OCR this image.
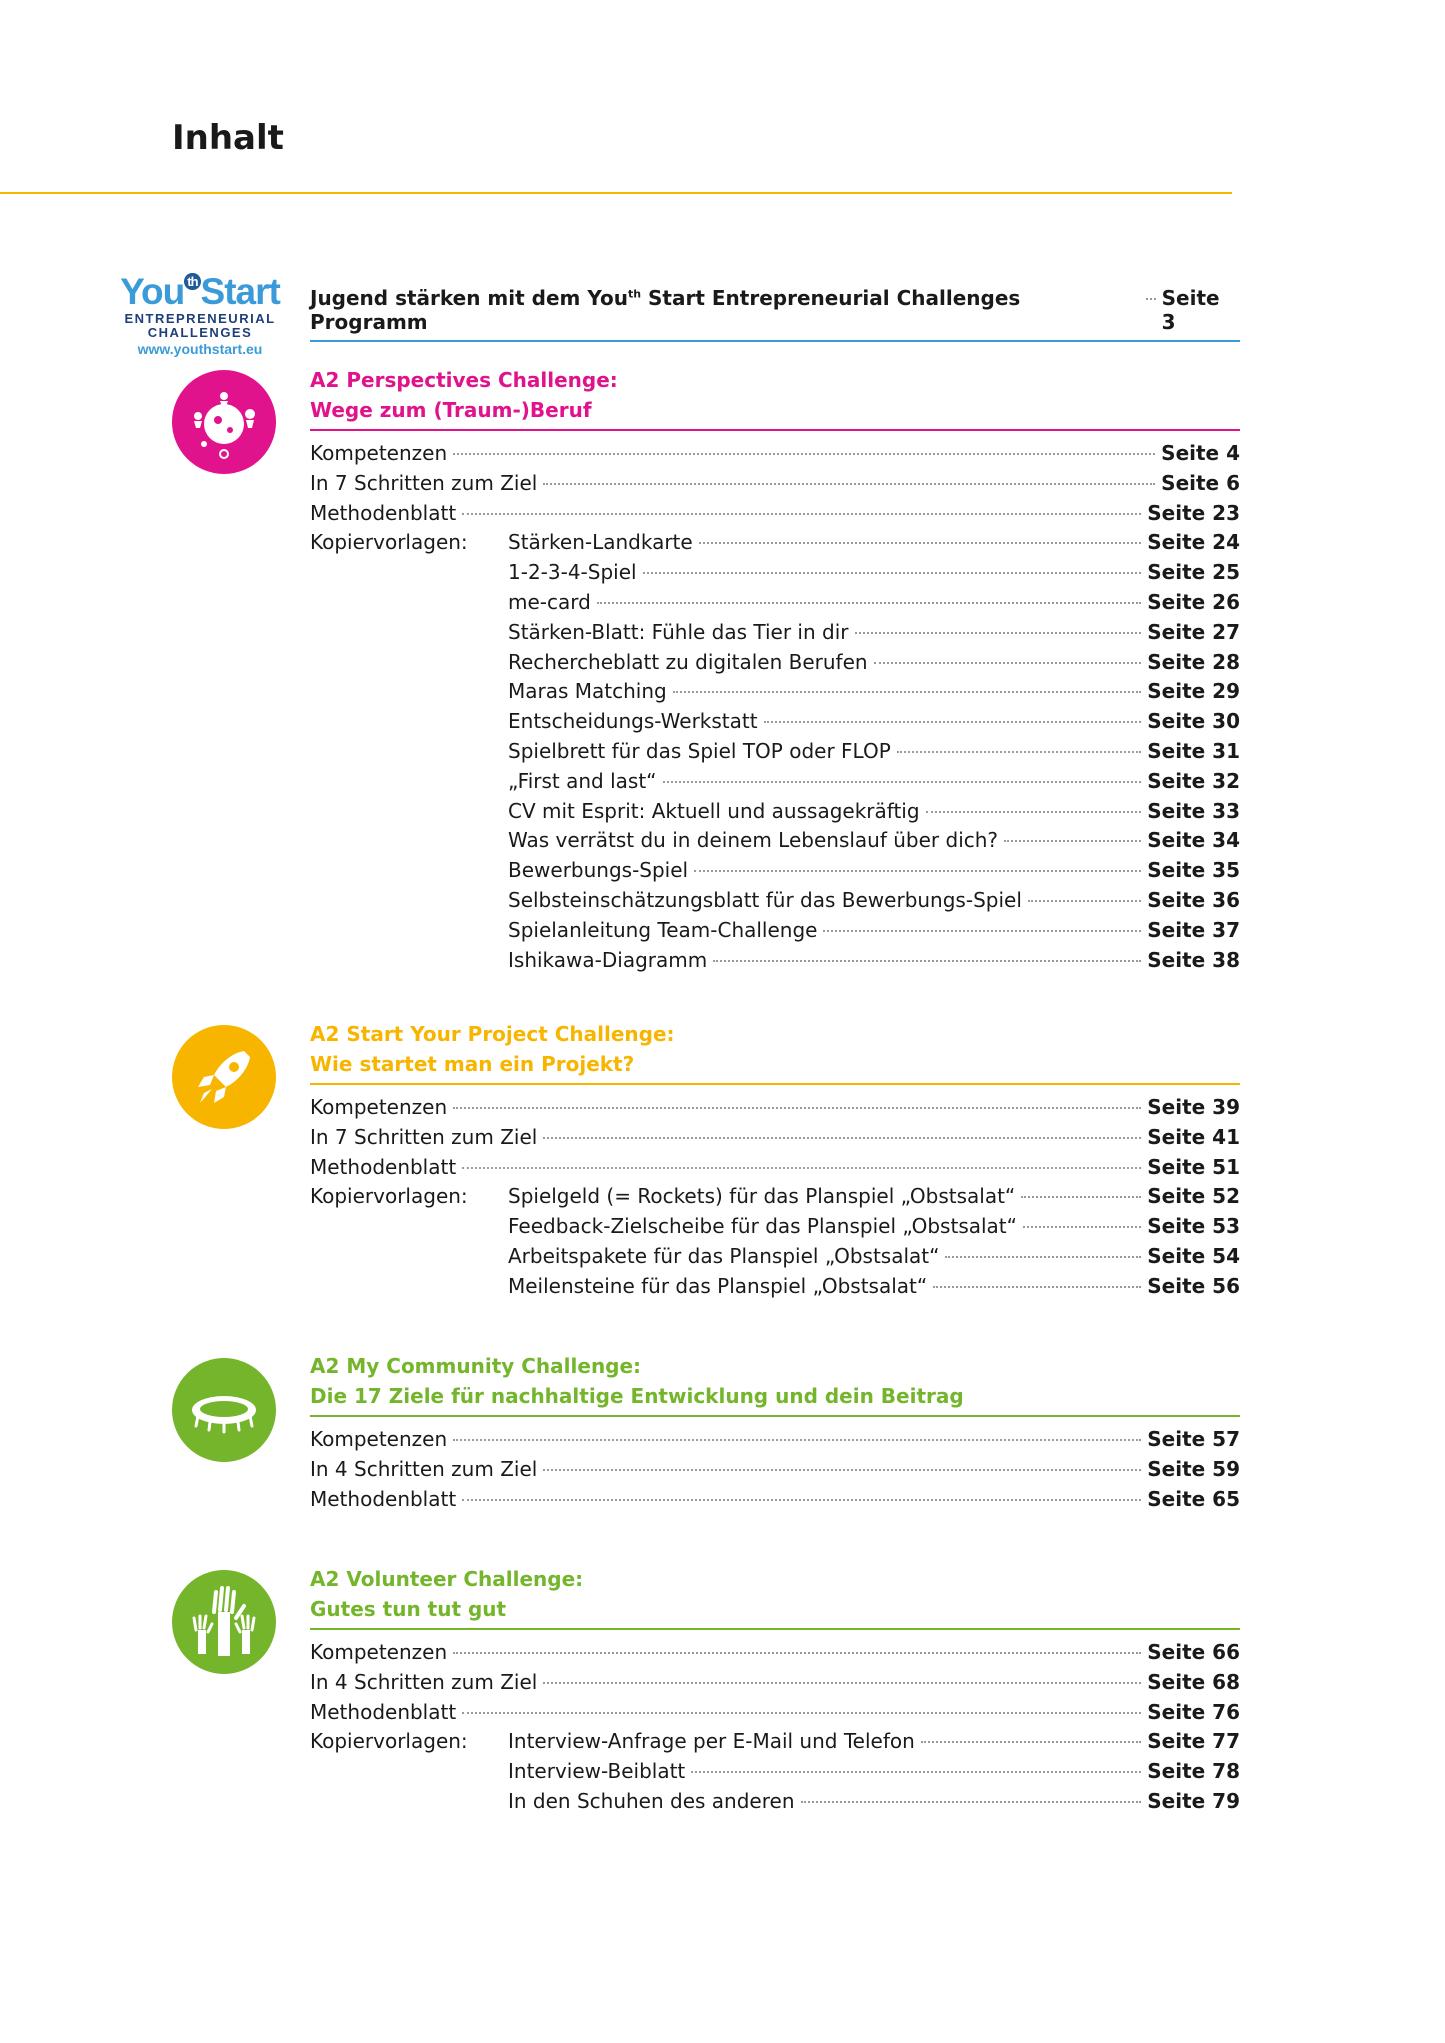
Inhalt
You $^{th}$Start
ENTREPRENEURIAL
CHALLENGES
www.youthstart.eu
Jugend stärken mit dem You$^{th}$ Start Entrepreneurial Challenges Programm
Seite 3
A2 Perspectives Challenge:
Wege zum (Traum-)Beruf
Kompetenzen	Seite 4
In 7 Schritten zum Ziel	Seite 6
Methodenblatt	Seite 23
Kopiervorlagen:	Stärken-Landkarte	Seite 24
1-2-3-4-Spiel	Seite 25
me-card	Seite 26
Stärken-Blatt: Fühle das Tier in dir	Seite 27
Rechercheblatt zu digitalen Berufen	Seite 28
Maras Matching	Seite 29
Entscheidungs-Werkstatt	Seite 30
Spielbrett für das Spiel TOP oder FLOP	Seite 31
„First and last“	Seite 32
CV mit Esprit: Aktuell und aussagekräftig	Seite 33
Was verrätst du in deinem Lebenslauf über dich?	Seite 34
Bewerbungs-Spiel	Seite 35
Selbsteinschätzungsblatt für das Bewerbungs-Spiel	Seite 36
Spielanleitung Team-Challenge	Seite 37
Ishikawa-Diagramm	Seite 38
A2 Start Your Project Challenge:
Wie startet man ein Projekt?
Kompetenzen	Seite 39
In 7 Schritten zum Ziel	Seite 41
Methodenblatt	Seite 51
Kopiervorlagen:	Spielgeld (= Rockets) für das Planspiel „Obstsalat“	Seite 52
Feedback-Zielscheibe für das Planspiel „Obstsalat“	Seite 53
Arbeitspakete für das Planspiel „Obstsalat“	Seite 54
Meilensteine für das Planspiel „Obstsalat“	Seite 56
A2 My Community Challenge:
Die 17 Ziele für nachhaltige Entwicklung und dein Beitrag
Kompetenzen	Seite 57
In 4 Schritten zum Ziel	Seite 59
Methodenblatt	Seite 65
A2 Volunteer Challenge:
Gutes tun tut gut
Kompetenzen	Seite 66
In 4 Schritten zum Ziel	Seite 68
Methodenblatt	Seite 76
Kopiervorlagen:	Interview-Anfrage per E-Mail und Telefon	Seite 77
Interview-Beiblatt	Seite 78
In den Schuhen des anderen	Seite 79
